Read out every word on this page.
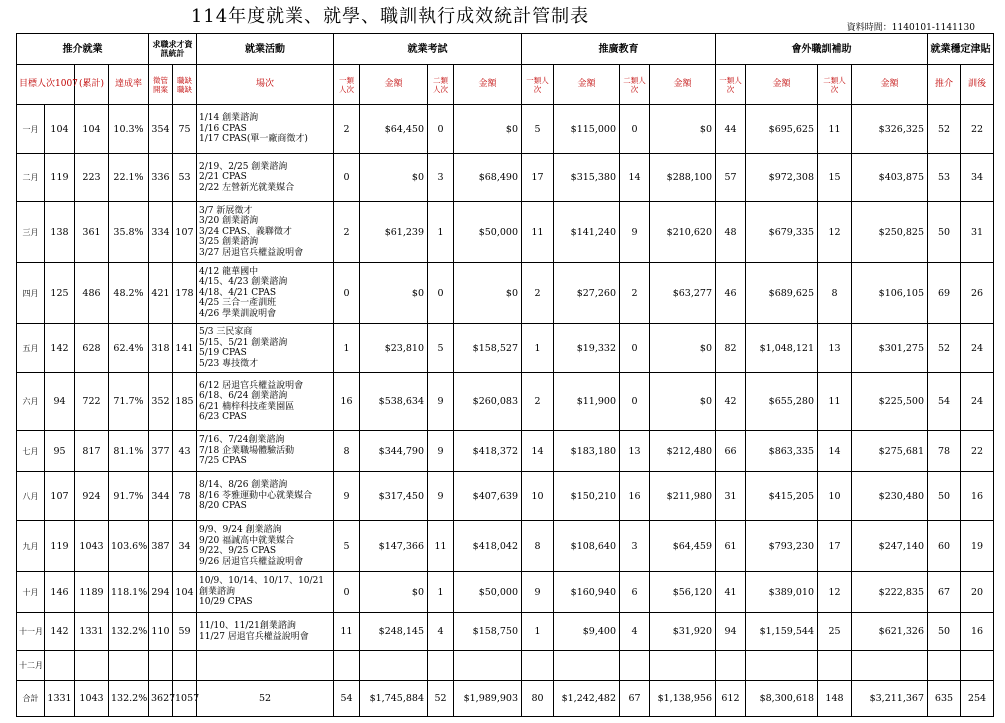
114年度就業、就學、職訓執行成效統計管制表
資料時間：1140101-1141130
推介就業				求職求才資訊統計		就業活動	就業考試				推廣教育				會外職訓補助				就業穩定津貼	
目標人次1007		(累計)	達成率	徵管開案	職缺職缺	場次	一類人次	金額	二類人次	金額	一類人次	金額	二類人次	金額	一類人次	金額	二類人次	金額	推介	訓後
一月	104	104	10.3%	354	75	1/14 創業諮詢
1/16 CPAS
1/17 CPAS(單一廠商徵才)	2	$64,450	0	$0	5	$115,000	0	$0	44	$695,625	11	$326,325	52	22
二月	119	223	22.1%	336	53	2/19、2/25 創業諮詢
2/21 CPAS
2/22 左營新光就業媒合	0	$0	3	$68,490	17	$315,380	14	$288,100	57	$972,308	15	$403,875	53	34
三月	138	361	35.8%	334	107	3/7 新展徵才
3/20 創業諮詢
3/24 CPAS、義聯徵才
3/25 創業諮詢
3/27 居退官兵權益說明會	2	$61,239	1	$50,000	11	$141,240	9	$210,620	48	$679,335	12	$250,825	50	31
四月	125	486	48.2%	421	178	4/12 龍華國中
4/15、4/23 創業諮詢
4/18、4/21 CPAS
4/25 三合一產訓班
4/26 學業訓說明會	0	$0	0	$0	2	$27,260	2	$63,277	46	$689,625	8	$106,105	69	26
五月	142	628	62.4%	318	141	5/3 三民家商
5/15、5/21 創業諮詢
5/19 CPAS
5/23 專技徵才	1	$23,810	5	$158,527	1	$19,332	0	$0	82	$1,048,121	13	$301,275	52	24
六月	94	722	71.7%	352	185	6/12 居退官兵權益說明會
6/18、6/24 創業諮詢
6/21 楠梓科技產業園區
6/23 CPAS	16	$538,634	9	$260,083	2	$11,900	0	$0	42	$655,280	11	$225,500	54	24
七月	95	817	81.1%	377	43	7/16、7/24創業諮詢
7/18 企業職場體驗活動
7/25 CPAS	8	$344,790	9	$418,372	14	$183,180	13	$212,480	66	$863,335	14	$275,681	78	22
八月	107	924	91.7%	344	78	8/14、8/26 創業諮詢
8/16 苓雅運動中心就業媒合
8/20 CPAS	9	$317,450	9	$407,639	10	$150,210	16	$211,980	31	$415,205	10	$230,480	50	16
九月	119	1043	103.6%	387	34	9/9、9/24 創業諮詢
9/20 福誠高中就業媒合
9/22、9/25 CPAS
9/26 居退官兵權益說明會	5	$147,366	11	$418,042	8	$108,640	3	$64,459	61	$793,230	17	$247,140	60	19
十月	146	1189	118.1%	294	104	10/9、10/14、10/17、10/21
創業諮詢
10/29 CPAS	0	$0	1	$50,000	9	$160,940	6	$56,120	41	$389,010	12	$222,835	67	20
十一月	142	1331	132.2%	110	59	11/10、11/21創業諮詢
11/27 居退官兵權益說明會	11	$248,145	4	$158,750	1	$9,400	4	$31,920	94	$1,159,544	25	$621,326	50	16
十二月																				
合計	1331	1043	132.2%	3627	1057	52	54	$1,745,884	52	$1,989,903	80	$1,242,482	67	$1,138,956	612	$8,300,618	148	$3,211,367	635	254
